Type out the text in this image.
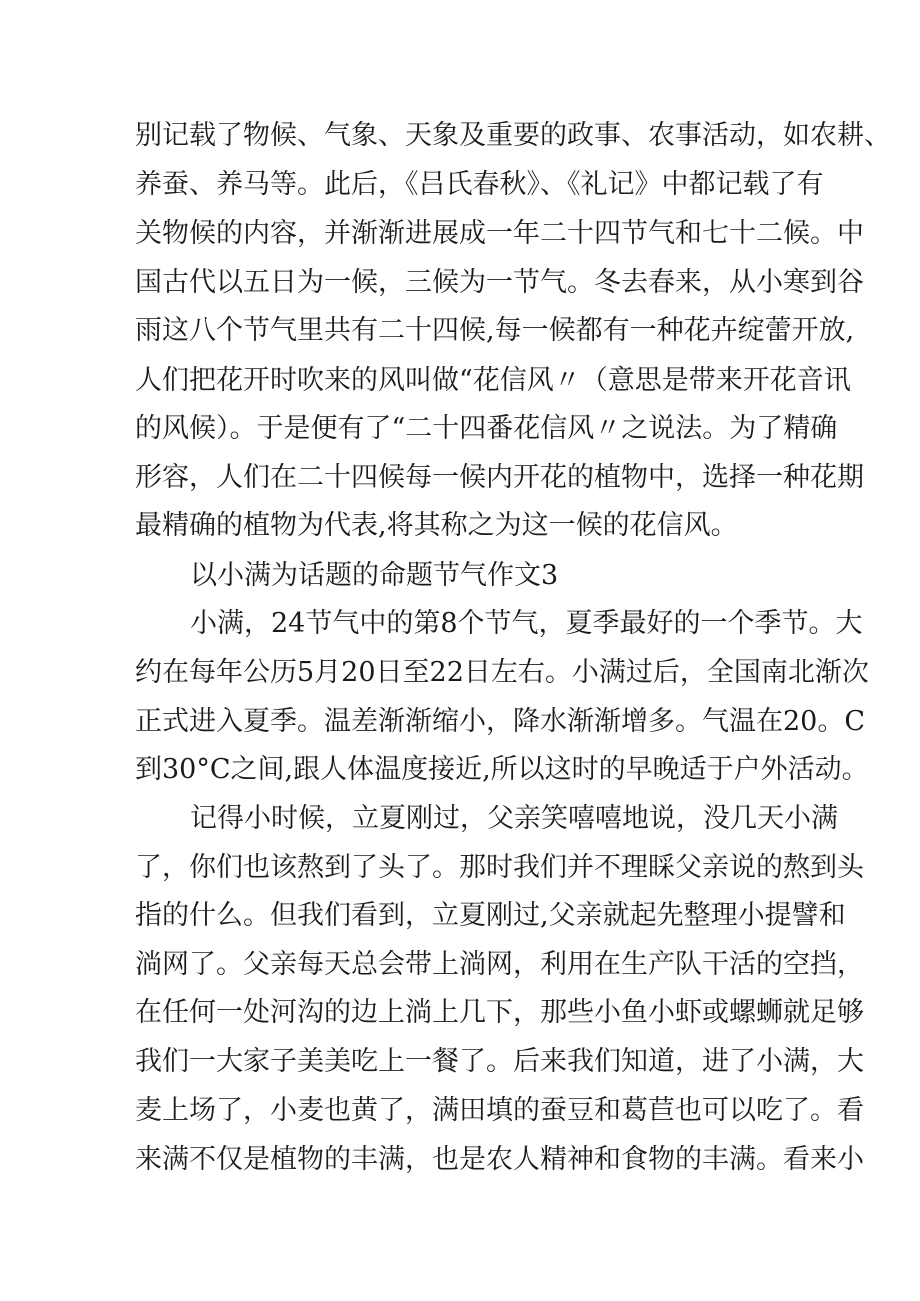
别记载了物候、气象、天象及重要的政事、农事活动，如农耕、
养蚕、养马等。此后，《吕氏春秋》、《礼记》中都记载了有
关物候的内容，并渐渐进展成一年二十四节气和七十二候。中
国古代以五日为一候，三候为一节气。冬去春来，从小寒到谷
雨这八个节气里共有二十四候,每一候都有一种花卉绽蕾开放,
人们把花开时吹来的风叫做“花信风〃（意思是带来开花音讯
的风候）。于是便有了“二十四番花信风〃之说法。为了精确
形容，人们在二十四候每一候内开花的植物中，选择一种花期
最精确的植物为代表,将其称之为这一候的花信风。
以小满为话题的命题节气作文3
小满，24节气中的第8个节气，夏季最好的一个季节。大
约在每年公历5月20日至22日左右。小满过后，全国南北渐次
正式进入夏季。温差渐渐缩小，降水渐渐增多。气温在20。C
到30°C之间,跟人体温度接近,所以这时的早晚适于户外活动。
记得小时候，立夏刚过，父亲笑嘻嘻地说，没几天小满
了，你们也该熬到了头了。那时我们并不理睬父亲说的熬到头
指的什么。但我们看到，立夏刚过,父亲就起先整理小提譬和
淌网了。父亲每天总会带上淌网，利用在生产队干活的空挡，
在任何一处河沟的边上淌上几下，那些小鱼小虾或螺蛳就足够
我们一大家子美美吃上一餐了。后来我们知道，进了小满，大
麦上场了，小麦也黄了，满田填的蚕豆和葛苣也可以吃了。看
来满不仅是植物的丰满，也是农人精神和食物的丰满。看来小
